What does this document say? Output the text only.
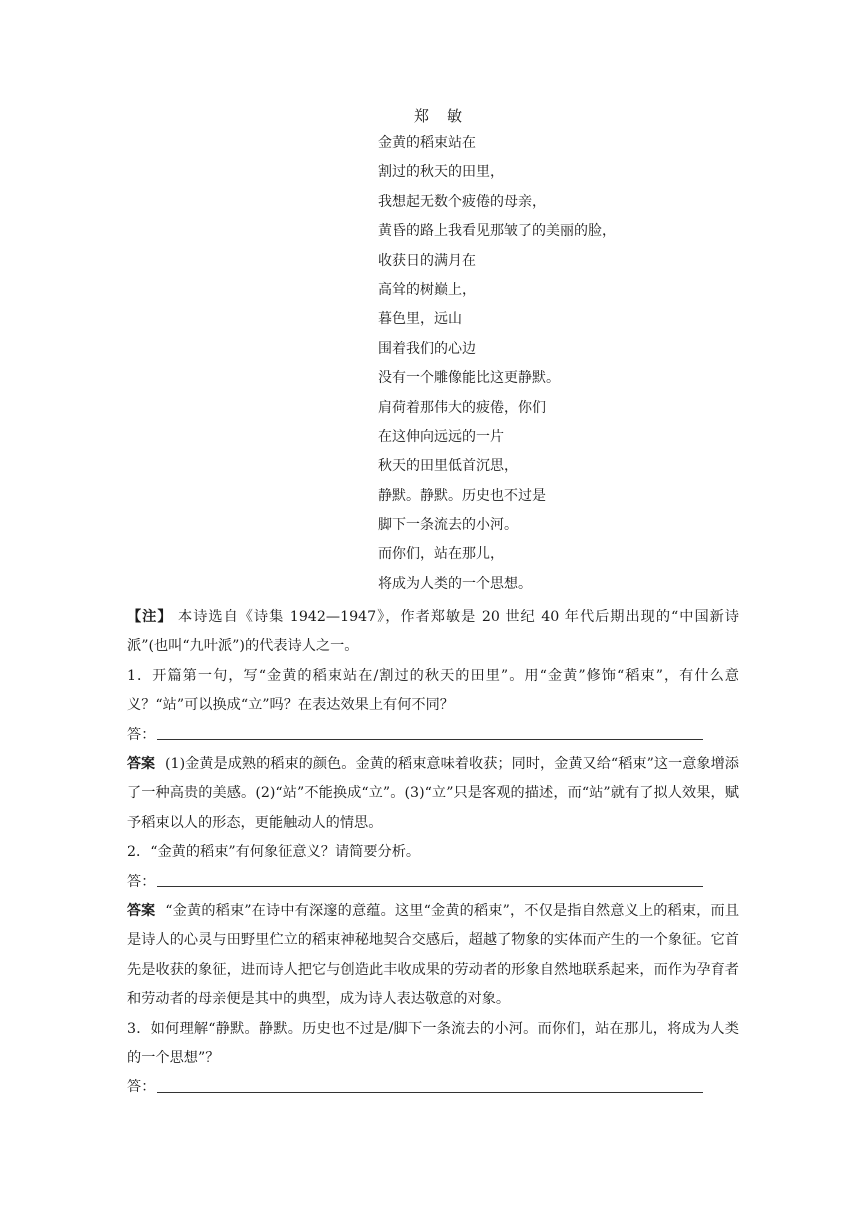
郑 敏
金黄的稻束站在
割过的秋天的田里，
我想起无数个疲倦的母亲，
黄昏的路上我看见那皱了的美丽的脸，
收获日的满月在
高耸的树巅上，
暮色里，远山
围着我们的心边
没有一个雕像能比这更静默。
肩荷着那伟大的疲倦，你们
在这伸向远远的一片
秋天的田里低首沉思，
静默。静默。历史也不过是
脚下一条流去的小河。
而你们，站在那儿，
将成为人类的一个思想。

【注】 本诗选自《诗集 1942—1947》，作者郑敏是 20 世纪 40 年代后期出现的“中国新诗派”(也叫“九叶派”)的代表诗人之一。

1．开篇第一句，写“金黄的稻束站在/割过的秋天的田里”。用“金黄”修饰“稻束”，有什么意义？“站”可以换成“立”吗？在表达效果上有何不同？

答：

答案 (1)金黄是成熟的稻束的颜色。金黄的稻束意味着收获；同时，金黄又给“稻束”这一意象增添了一种高贵的美感。(2)“站”不能换成“立”。(3)“立”只是客观的描述，而“站”就有了拟人效果，赋予稻束以人的形态，更能触动人的情思。

2．“金黄的稻束”有何象征意义？请简要分析。

答：

答案 “金黄的稻束”在诗中有深邃的意蕴。这里“金黄的稻束”，不仅是指自然意义上的稻束，而且是诗人的心灵与田野里伫立的稻束神秘地契合交感后，超越了物象的实体而产生的一个象征。它首先是收获的象征，进而诗人把它与创造此丰收成果的劳动者的形象自然地联系起来，而作为孕育者和劳动者的母亲便是其中的典型，成为诗人表达敬意的对象。

3．如何理解“静默。静默。历史也不过是/脚下一条流去的小河。而你们，站在那儿，将成为人类的一个思想”？

答：
